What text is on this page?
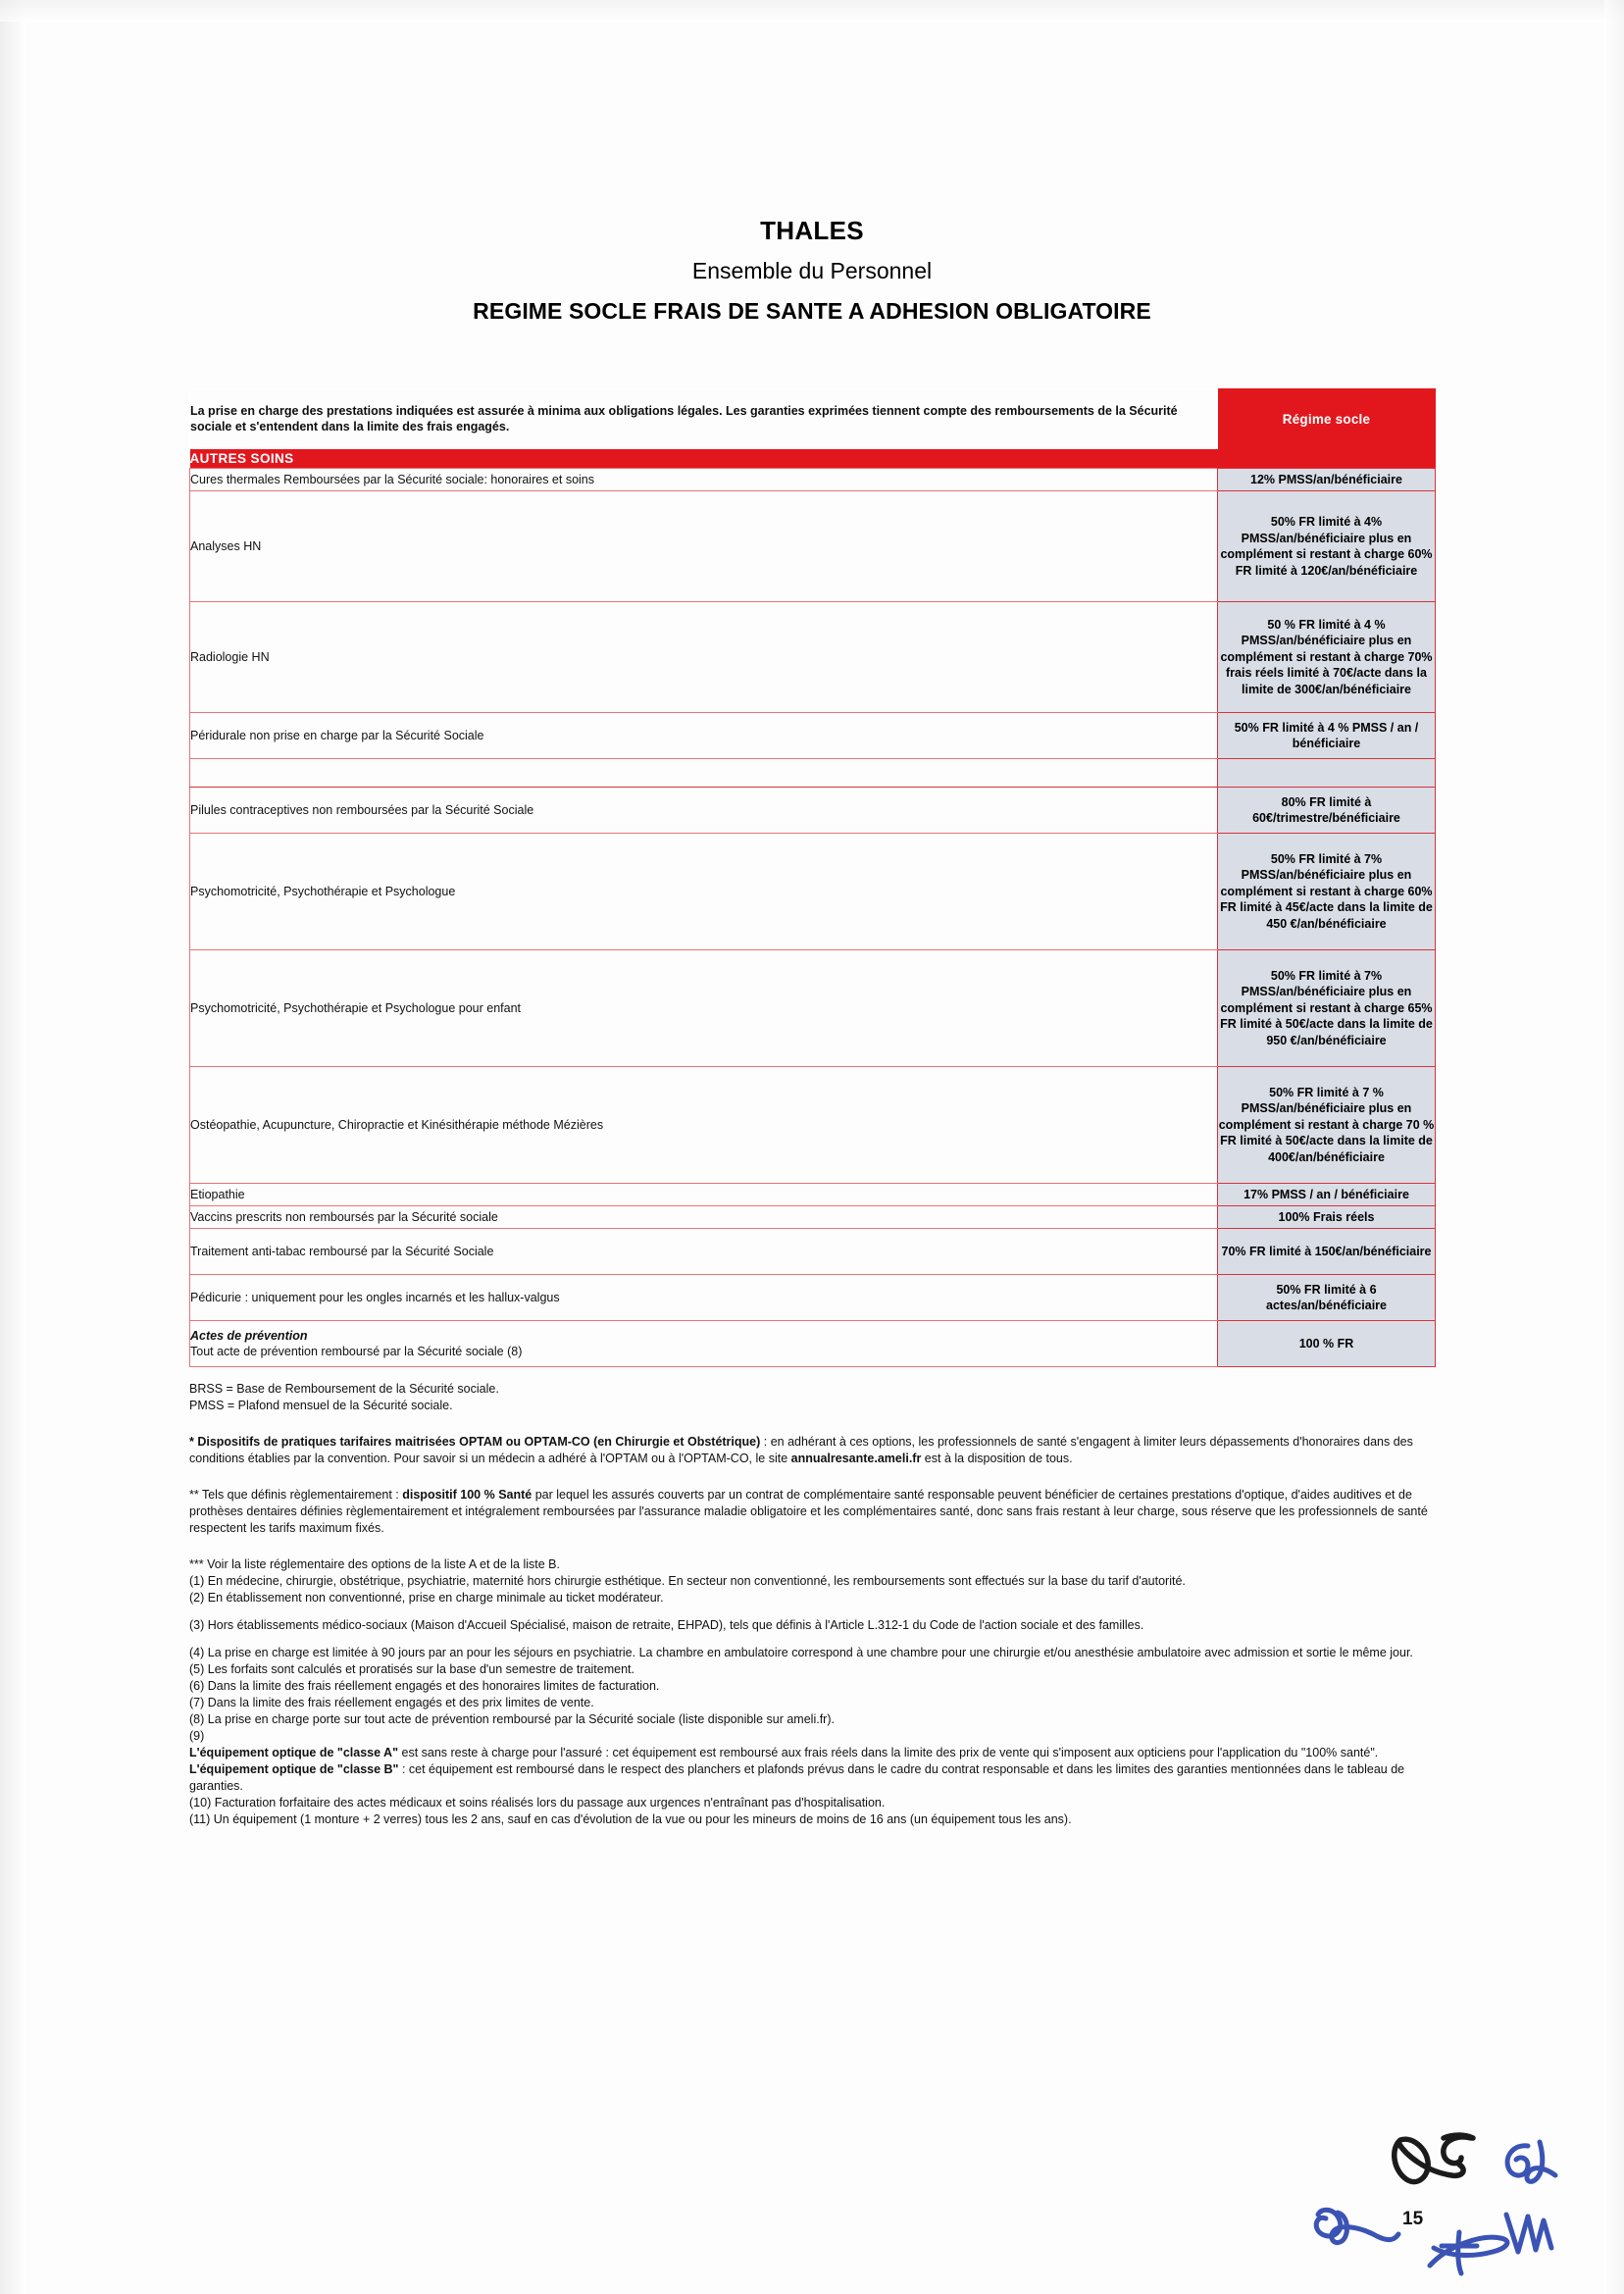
THALES
Ensemble du Personnel
REGIME SOCLE FRAIS DE SANTE A ADHESION OBLIGATOIRE
La prise en charge des prestations indiquées est assurée à minima aux obligations légales. Les garanties exprimées tiennent compte des remboursements de la Sécurité sociale et s'entendent dans la limite des frais engagés.	Régime socle
AUTRES SOINS	
Cures thermales Remboursées par la Sécurité sociale: honoraires et soins	12% PMSS/an/bénéficiaire
Analyses HN	50% FR limité à 4% PMSS/an/bénéficiaire plus en complément si restant à charge 60% FR limité à 120€/an/bénéficiaire
Radiologie HN	50 % FR limité à 4 % PMSS/an/bénéficiaire plus en complément si restant à charge 70% frais réels limité à 70€/acte dans la limite de 300€/an/bénéficiaire
Péridurale non prise en charge par la Sécurité Sociale	50% FR limité à 4 % PMSS / an / bénéficiaire

Pilules contraceptives non remboursées par la Sécurité Sociale	80% FR limité à 60€/trimestre/bénéficiaire
Psychomotricité, Psychothérapie et Psychologue	50% FR limité à 7% PMSS/an/bénéficiaire plus en complément si restant à charge 60% FR limité à 45€/acte dans la limite de 450 €/an/bénéficiaire
Psychomotricité, Psychothérapie et Psychologue pour enfant	50% FR limité à 7% PMSS/an/bénéficiaire plus en complément si restant à charge 65% FR limité à 50€/acte dans la limite de 950 €/an/bénéficiaire
Ostéopathie, Acupuncture, Chiropractie et Kinésithérapie méthode Mézières	50% FR limité à 7 % PMSS/an/bénéficiaire plus en complément si restant à charge 70 % FR limité à 50€/acte dans la limite de 400€/an/bénéficiaire
Etiopathie	17% PMSS / an / bénéficiaire
Vaccins prescrits non remboursés par la Sécurité sociale	100% Frais réels
Traitement anti-tabac remboursé par la Sécurité Sociale	70% FR limité à 150€/an/bénéficiaire
Pédicurie : uniquement pour les ongles incarnés et les hallux-valgus	50% FR limité à 6 actes/an/bénéficiaire

Actes de prévention
Tout acte de prévention remboursé par la Sécurité sociale (8)	100 % FR

BRSS = Base de Remboursement de la Sécurité sociale.

PMSS = Plafond mensuel de la Sécurité sociale.

* Dispositifs de pratiques tarifaires maitrisées OPTAM ou OPTAM-CO (en Chirurgie et Obstétrique) : en adhérant à ces options, les professionnels de santé s'engagent à limiter leurs dépassements d'honoraires dans des conditions établies par la convention. Pour savoir si un médecin a adhéré à l'OPTAM ou à l'OPTAM-CO, le site annualresante.ameli.fr est à la disposition de tous.

** Tels que définis règlementairement : dispositif 100 % Santé par lequel les assurés couverts par un contrat de complémentaire santé responsable peuvent bénéficier de certaines prestations d'optique, d'aides auditives et de prothèses dentaires définies règlementairement et intégralement remboursées par l'assurance maladie obligatoire et les complémentaires santé, donc sans frais restant à leur charge, sous réserve que les professionnels de santé respectent les tarifs maximum fixés.

*** Voir la liste réglementaire des options de la liste A et de la liste B.

(1) En médecine, chirurgie, obstétrique, psychiatrie, maternité hors chirurgie esthétique. En secteur non conventionné, les remboursements sont effectués sur la base du tarif d'autorité.

(2) En établissement non conventionné, prise en charge minimale au ticket modérateur.

(3) Hors établissements médico-sociaux (Maison d'Accueil Spécialisé, maison de retraite, EHPAD), tels que définis à l'Article L.312-1 du Code de l'action sociale et des familles.

(4) La prise en charge est limitée à 90 jours par an pour les séjours en psychiatrie. La chambre en ambulatoire correspond à une chambre pour une chirurgie et/ou anesthésie ambulatoire avec admission et sortie le même jour.

(5) Les forfaits sont calculés et proratisés sur la base d'un semestre de traitement.

(6) Dans la limite des frais réellement engagés et des honoraires limites de facturation.

(7) Dans la limite des frais réellement engagés et des prix limites de vente.

(8) La prise en charge porte sur tout acte de prévention remboursé par la Sécurité sociale (liste disponible sur ameli.fr).

(9)

L'équipement optique de "classe A" est sans reste à charge pour l'assuré : cet équipement est remboursé aux frais réels dans la limite des prix de vente qui s'imposent aux opticiens pour l'application du "100% santé".

L'équipement optique de "classe B" : cet équipement est remboursé dans le respect des planchers et plafonds prévus dans le cadre du contrat responsable et dans les limites des garanties mentionnées dans le tableau de garanties.

(10) Facturation forfaitaire des actes médicaux et soins réalisés lors du passage aux urgences n'entraînant pas d'hospitalisation.

(11) Un équipement (1 monture + 2 verres) tous les 2 ans, sauf en cas d'évolution de la vue ou pour les mineurs de moins de 16 ans (un équipement tous les ans).

15
